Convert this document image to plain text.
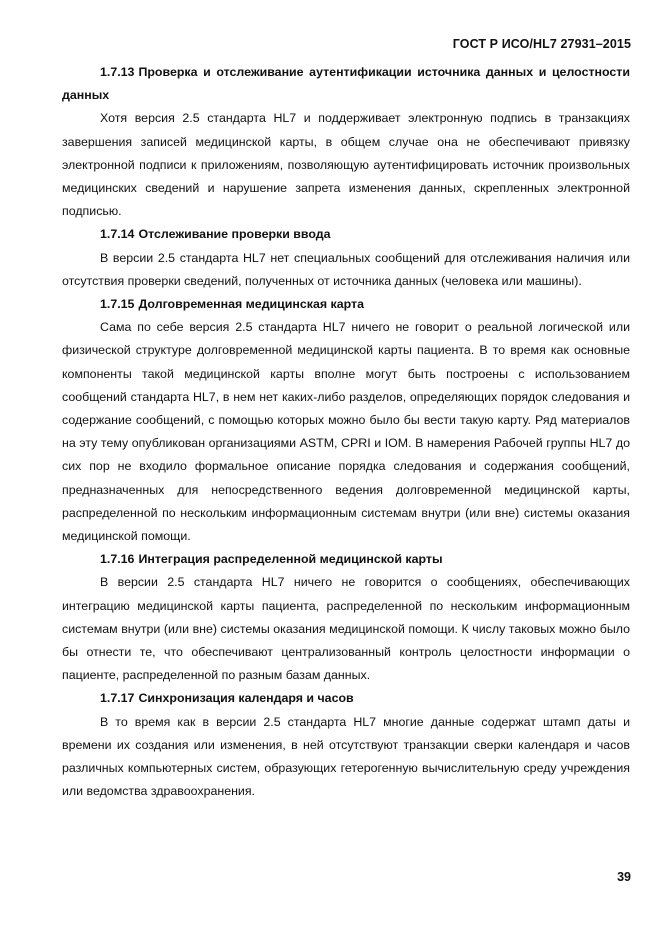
ГОСТ Р ИСО/HL7 27931–2015
1.7.13 Проверка и отслеживание аутентификации источника данных и целостности данных

Хотя версия 2.5 стандарта HL7 и поддерживает электронную подпись в транзакциях завершения записей медицинской карты, в общем случае она не обеспечивают привязку электронной подписи к приложениям, позволяющую аутентифицировать источник произвольных медицинских сведений и нарушение запрета изменения данных, скрепленных электронной подписью.

1.7.14 Отслеживание проверки ввода

В версии 2.5 стандарта HL7 нет специальных сообщений для отслеживания наличия или отсутствия проверки сведений, полученных от источника данных (человека или машины).

1.7.15 Долговременная медицинская карта

Сама по себе версия 2.5 стандарта HL7 ничего не говорит о реальной логической или физической структуре долговременной медицинской карты пациента. В то время как основные компоненты такой медицинской карты вполне могут быть построены с использованием сообщений стандарта HL7, в нем нет каких-либо разделов, определяющих порядок следования и содержание сообщений, с помощью которых можно было бы вести такую карту. Ряд материалов на эту тему опубликован организациями ASTM, CPRI и IOM. В намерения Рабочей группы HL7 до сих пор не входило формальное описание порядка следования и содержания сообщений, предназначенных для непосредственного ведения долговременной медицинской карты, распределенной по нескольким информационным системам внутри (или вне) системы оказания медицинской помощи.

1.7.16 Интеграция распределенной медицинской карты

В версии 2.5 стандарта HL7 ничего не говорится о сообщениях, обеспечивающих интеграцию медицинской карты пациента, распределенной по нескольким информационным системам внутри (или вне) системы оказания медицинской помощи. К числу таковых можно было бы отнести те, что обеспечивают централизованный контроль целостности информации о пациенте, распределенной по разным базам данных.

1.7.17 Синхронизация календаря и часов

В то время как в версии 2.5 стандарта HL7 многие данные содержат штамп даты и времени их создания или изменения, в ней отсутствуют транзакции сверки календаря и часов различных компьютерных систем, образующих гетерогенную вычислительную среду учреждения или ведомства здравоохранения.

39
